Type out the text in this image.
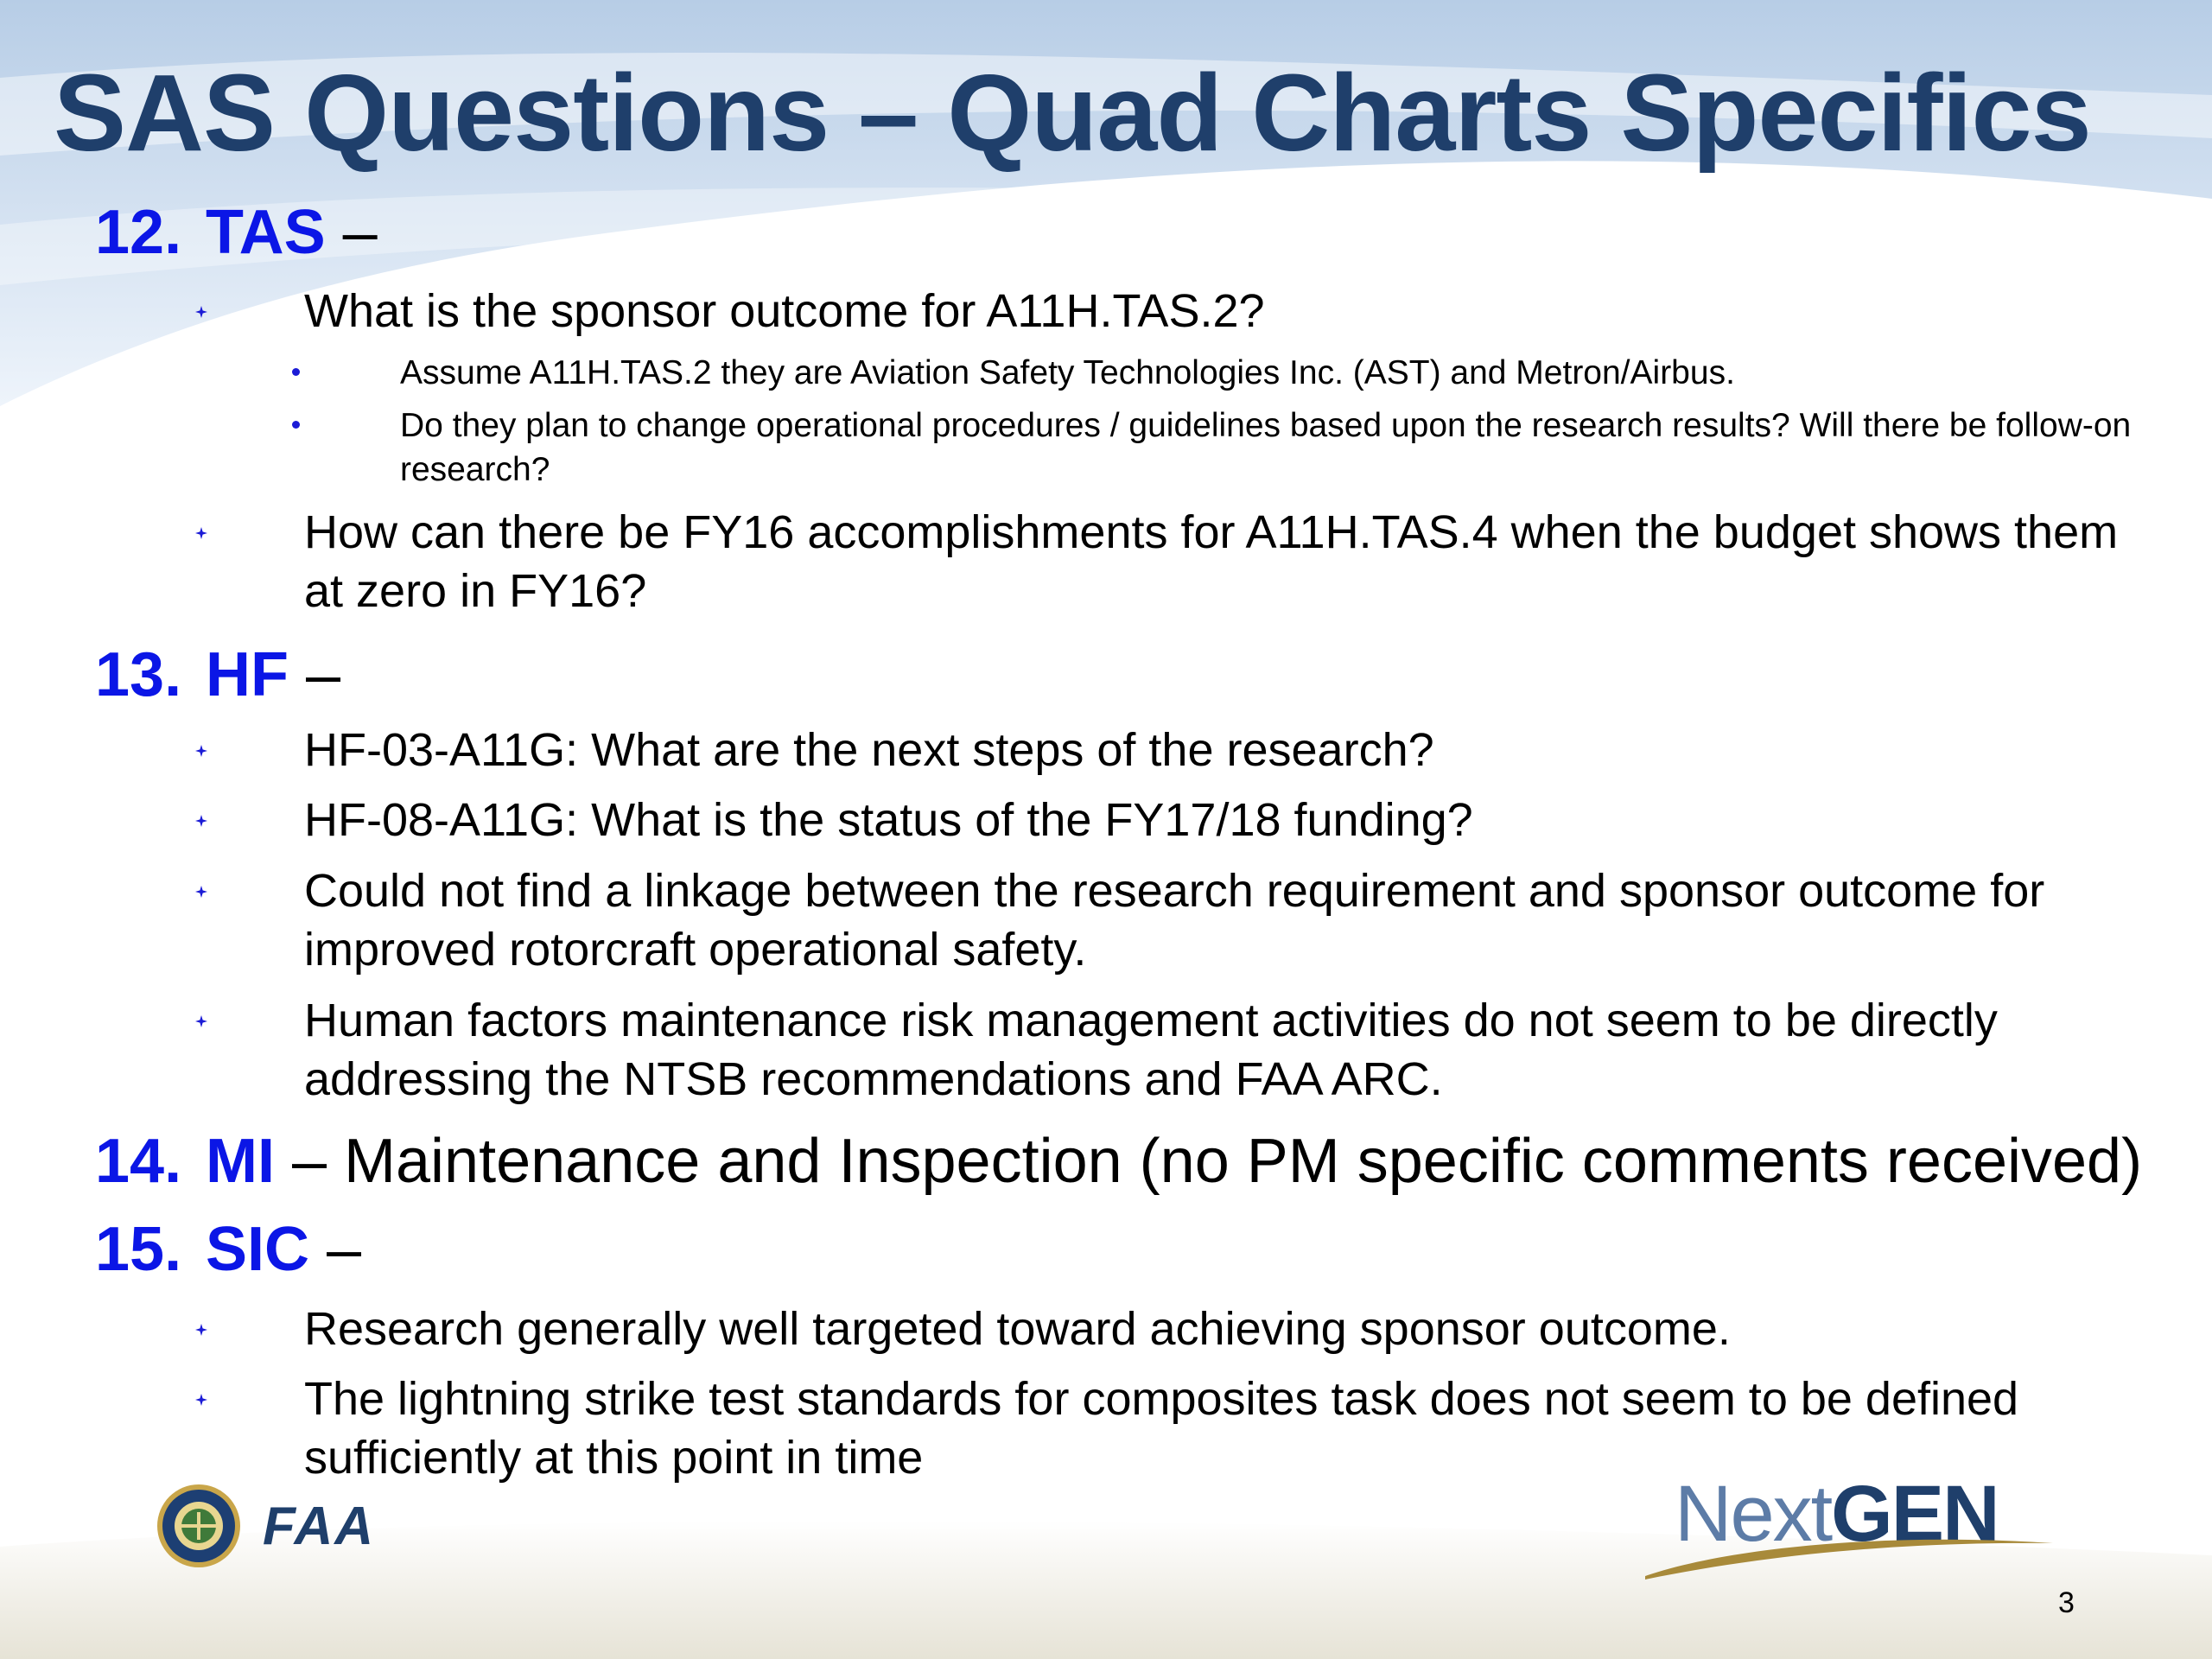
SAS Questions – Quad Charts Specifics
12. TAS –
What is the sponsor outcome for A11H.TAS.2?
Assume A11H.TAS.2 they are Aviation Safety Technologies Inc. (AST) and Metron/Airbus.
Do they plan to change operational procedures / guidelines based upon the research results? Will there be follow-on research?
How can there be FY16 accomplishments for A11H.TAS.4 when the budget shows them at zero in FY16?
13. HF –
HF-03-A11G: What are the next steps of the research?
HF-08-A11G: What is the status of the FY17/18 funding?
Could not find a linkage between the research requirement and sponsor outcome for improved rotorcraft operational safety.
Human factors maintenance risk management activities do not seem to be directly addressing the NTSB recommendations and FAA ARC.
14. MI – Maintenance and Inspection (no PM specific comments received)
15. SIC –
Research generally well targeted toward achieving sponsor outcome.
The lightning strike test standards for composites task does not seem to be defined sufficiently at this point in time
FAA	NextGEN
3
